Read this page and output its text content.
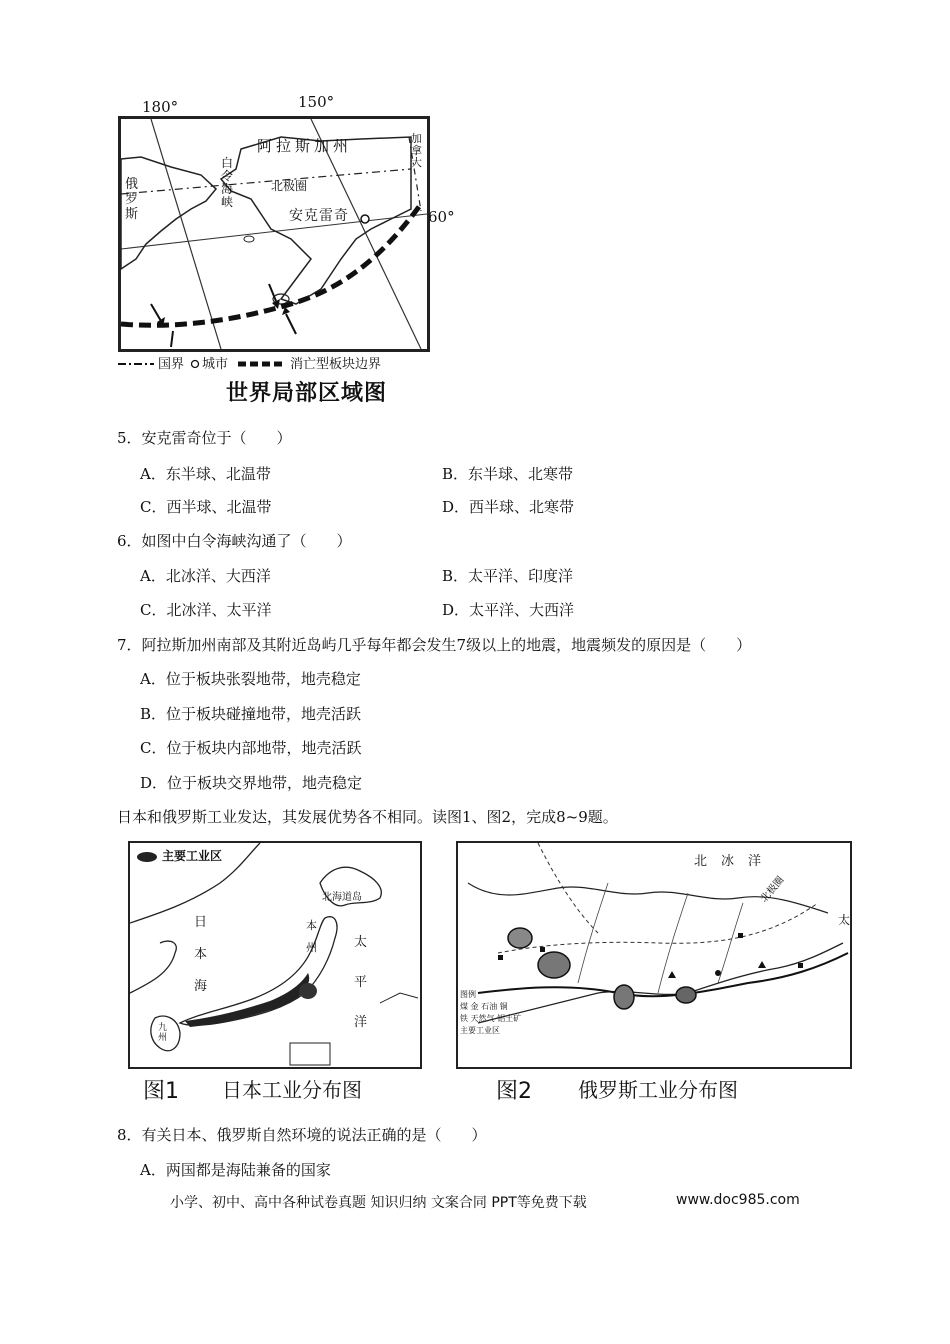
180°	150°
阿拉斯加州	加拿大
俄罗斯
白令海峡
北极圈
安克雷奇	60°
国界 城市	消亡型板块边界
世界局部区域图
5．安克雷奇位于（　　）
A．东半球、北温带	B．东半球、北寒带
C．西半球、北温带	D．西半球、北寒带
6．如图中白令海峡沟通了（　　）
A．北冰洋、大西洋	B．太平洋、印度洋
C．北冰洋、太平洋	D．太平洋、大西洋
7．阿拉斯加州南部及其附近岛屿几乎每年都会发生7级以上的地震，地震频发的原因是（　　）
A．位于板块张裂地带，地壳稳定
B．位于板块碰撞地带，地壳活跃
C．位于板块内部地带，地壳活跃
D．位于板块交界地带，地壳稳定
日本和俄罗斯工业发达，其发展优势各不相同。读图1、图2，完成8~9题。
主要工业区
北海道岛
本州
九州
日本海
太平洋
图1 日本工业分布图
北冰洋
北极圈
太
图例
煤 金 石油 铜
铁 天然气 铝土矿
主要工业区
图2 俄罗斯工业分布图
8．有关日本、俄罗斯自然环境的说法正确的是（　　）
A．两国都是海陆兼备的国家
小学、初中、高中各种试卷真题 知识归纳 文案合同 PPT等免费下载	www.doc985.com
